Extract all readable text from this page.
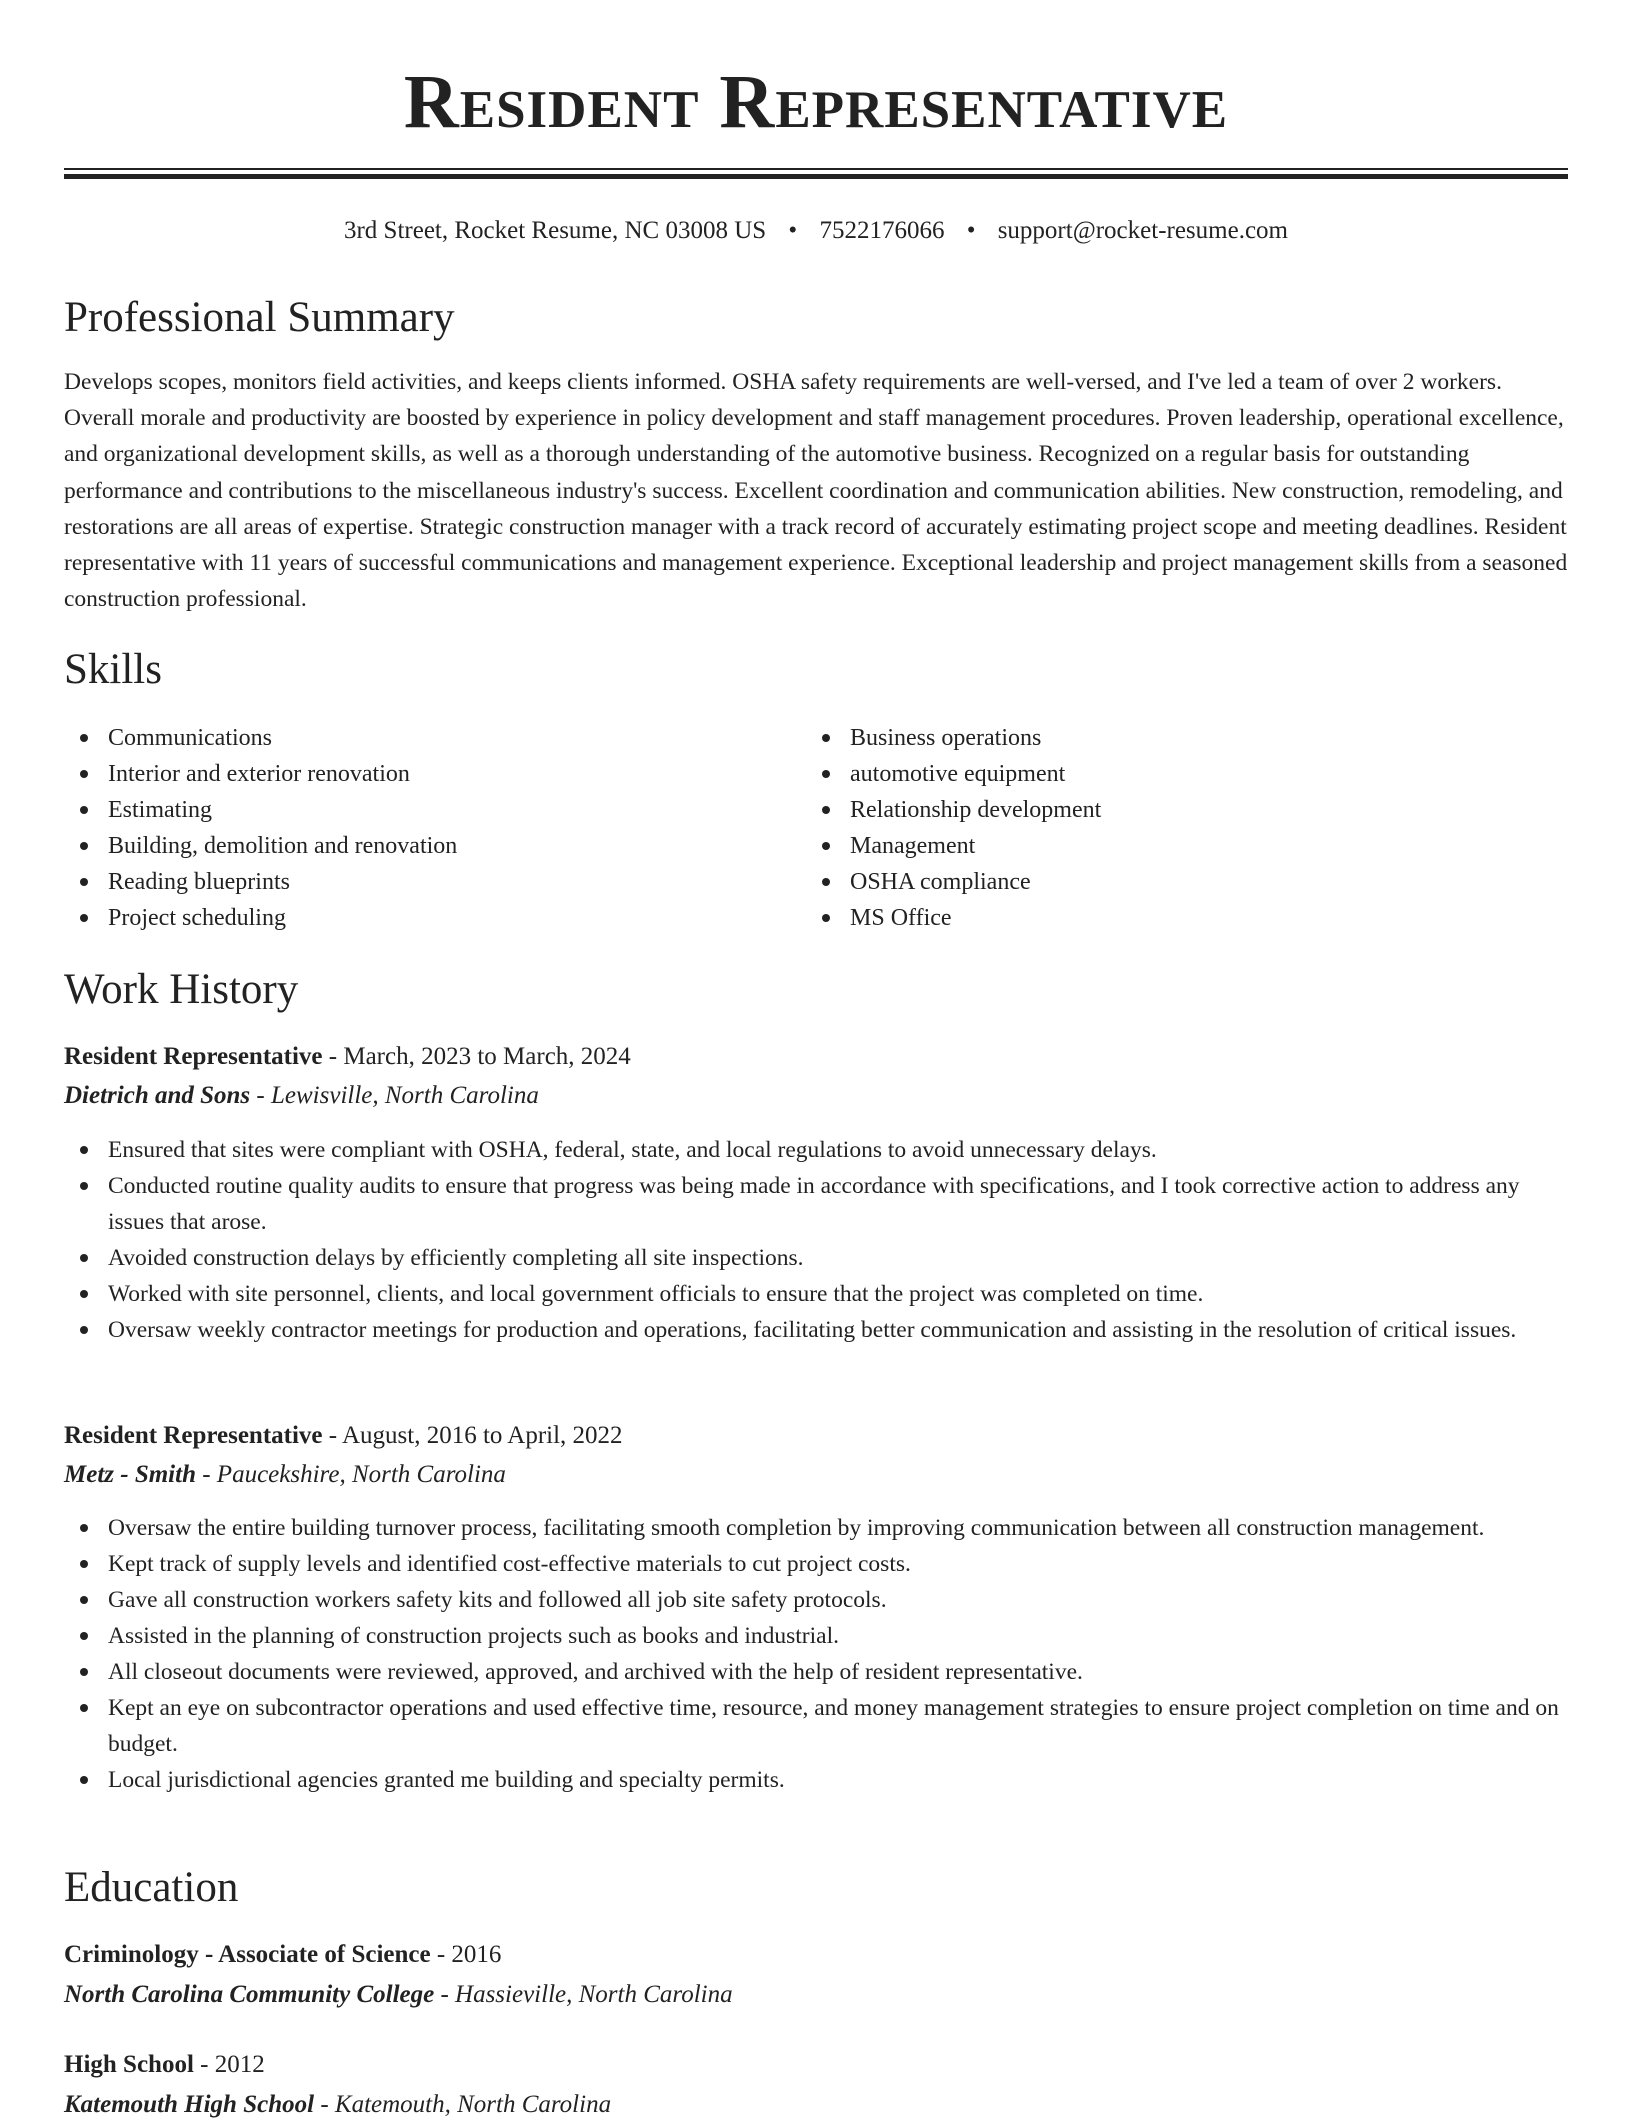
Resident Representative
3rd Street, Rocket Resume, NC 03008 US • 7522176066 • support@rocket-resume.com
Professional Summary
Develops scopes, monitors field activities, and keeps clients informed. OSHA safety requirements are well-versed, and I've led a team of over 2 workers. Overall morale and productivity are boosted by experience in policy development and staff management procedures. Proven leadership, operational excellence, and organizational development skills, as well as a thorough understanding of the automotive business. Recognized on a regular basis for outstanding performance and contributions to the miscellaneous industry's success. Excellent coordination and communication abilities. New construction, remodeling, and restorations are all areas of expertise. Strategic construction manager with a track record of accurately estimating project scope and meeting deadlines. Resident representative with 11 years of successful communications and management experience. Exceptional leadership and project management skills from a seasoned construction professional.
Skills
Communications
Interior and exterior renovation
Estimating
Building, demolition and renovation
Reading blueprints
Project scheduling
Business operations
automotive equipment
Relationship development
Management
OSHA compliance
MS Office
Work History
Resident Representative - March, 2023 to March, 2024
Dietrich and Sons - Lewisville, North Carolina
Ensured that sites were compliant with OSHA, federal, state, and local regulations to avoid unnecessary delays.
Conducted routine quality audits to ensure that progress was being made in accordance with specifications, and I took corrective action to address any issues that arose.
Avoided construction delays by efficiently completing all site inspections.
Worked with site personnel, clients, and local government officials to ensure that the project was completed on time.
Oversaw weekly contractor meetings for production and operations, facilitating better communication and assisting in the resolution of critical issues.
Resident Representative - August, 2016 to April, 2022
Metz - Smith - Paucekshire, North Carolina
Oversaw the entire building turnover process, facilitating smooth completion by improving communication between all construction management.
Kept track of supply levels and identified cost-effective materials to cut project costs.
Gave all construction workers safety kits and followed all job site safety protocols.
Assisted in the planning of construction projects such as books and industrial.
All closeout documents were reviewed, approved, and archived with the help of resident representative.
Kept an eye on subcontractor operations and used effective time, resource, and money management strategies to ensure project completion on time and on budget.
Local jurisdictional agencies granted me building and specialty permits.
Education
Criminology - Associate of Science - 2016
North Carolina Community College - Hassieville, North Carolina
High School - 2012
Katemouth High School - Katemouth, North Carolina
